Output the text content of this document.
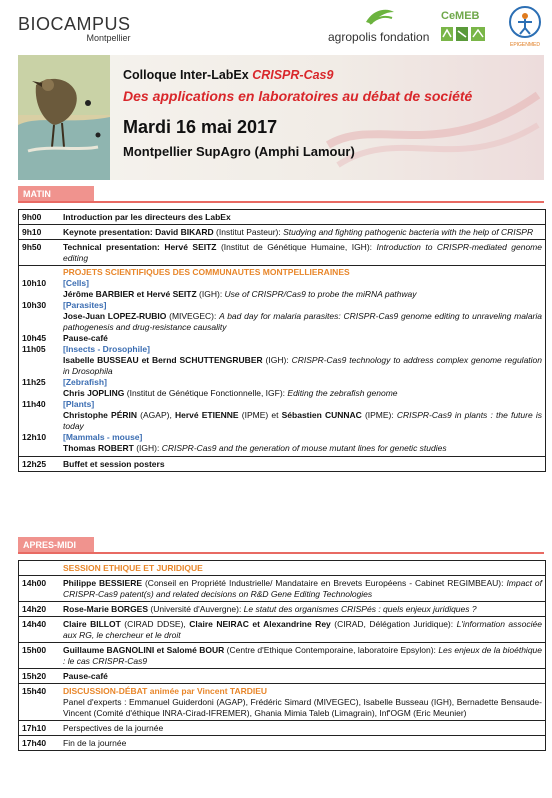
BIOCAMPUS
Montpellier	agropolis fondation
CeMEB
EPIGENMED
Colloque Inter-LabEx CRISPR-Cas9
Des applications en laboratoires au débat de société
Mardi 16 mai 2017
Montpellier SupAgro (Amphi Lamour)
MATIN
9h00	Introduction par les directeurs des LabEx
9h10	Keynote presentation: David BIKARD (Institut Pasteur): Studying and fighting pathogenic bacteria with the help of CRISPR
9h50	Technical presentation: Hervé SEITZ (Institut de Génétique Humaine, IGH): Introduction to CRISPR-mediated genome editing
PROJETS SCIENTIFIQUES DES COMMUNAUTES MONTPELLIERAINES
10h10	[Cells]
Jérôme BARBIER et Hervé SEITZ (IGH): Use of CRISPR/Cas9 to probe the miRNA pathway
10h30	[Parasites]
Jose-Juan LOPEZ-RUBIO (MIVEGEC): A bad day for malaria parasites: CRISPR-Cas9 genome editing to unraveling malaria pathogenesis and drug-resistance causality
10h45	Pause-café
11h05	[Insects - Drosophile]
Isabelle BUSSEAU et Bernd SCHUTTENGRUBER (IGH): CRISPR-Cas9 technology to address complex genome regulation in Drosophila
11h25	[Zebrafish]
Chris JOPLING (Institut de Génétique Fonctionnelle, IGF): Editing the zebrafish genome
11h40	[Plants]
Christophe PÉRIN (AGAP), Hervé ETIENNE (IPME) et Sébastien CUNNAC (IPME): CRISPR-Cas9 in plants : the future is today
12h10	[Mammals - mouse]
Thomas ROBERT (IGH): CRISPR-Cas9 and the generation of mouse mutant lines for genetic studies
12h25	Buffet et session posters
APRES-MIDI
SESSION ETHIQUE ET JURIDIQUE
14h00	Philippe BESSIERE (Conseil en Propriété Industrielle/ Mandataire en Brevets Européens - Cabinet REGIMBEAU): Impact of CRISPR-Cas9 patent(s) and related decisions on R&D Gene Editing Technologies
14h20	Rose-Marie BORGES (Université d'Auvergne): Le statut des organismes CRISPés : quels enjeux juridiques ?
14h40	Claire BILLOT (CIRAD DDSE), Claire NEIRAC et Alexandrine Rey (CIRAD, Délégation Juridique): L'information associée aux RG, le chercheur et le droit
15h00	Guillaume BAGNOLINI et Salomé BOUR (Centre d'Ethique Contemporaine, laboratoire Epsylon): Les enjeux de la bioéthique : le cas CRISPR-Cas9
15h20	Pause-café
15h40	DISCUSSION-DÉBAT animée par Vincent TARDIEU
Panel d'experts : Emmanuel Guiderdoni (AGAP), Frédéric Simard (MIVEGEC), Isabelle Busseau (IGH), Bernadette Bensaude-Vincent (Comité d'éthique INRA-Cirad-IFREMER), Ghania Mimia Taleb (Limagrain), Inf'OGM (Eric Meunier)
17h10	Perspectives de la journée
17h40	Fin de la journée
